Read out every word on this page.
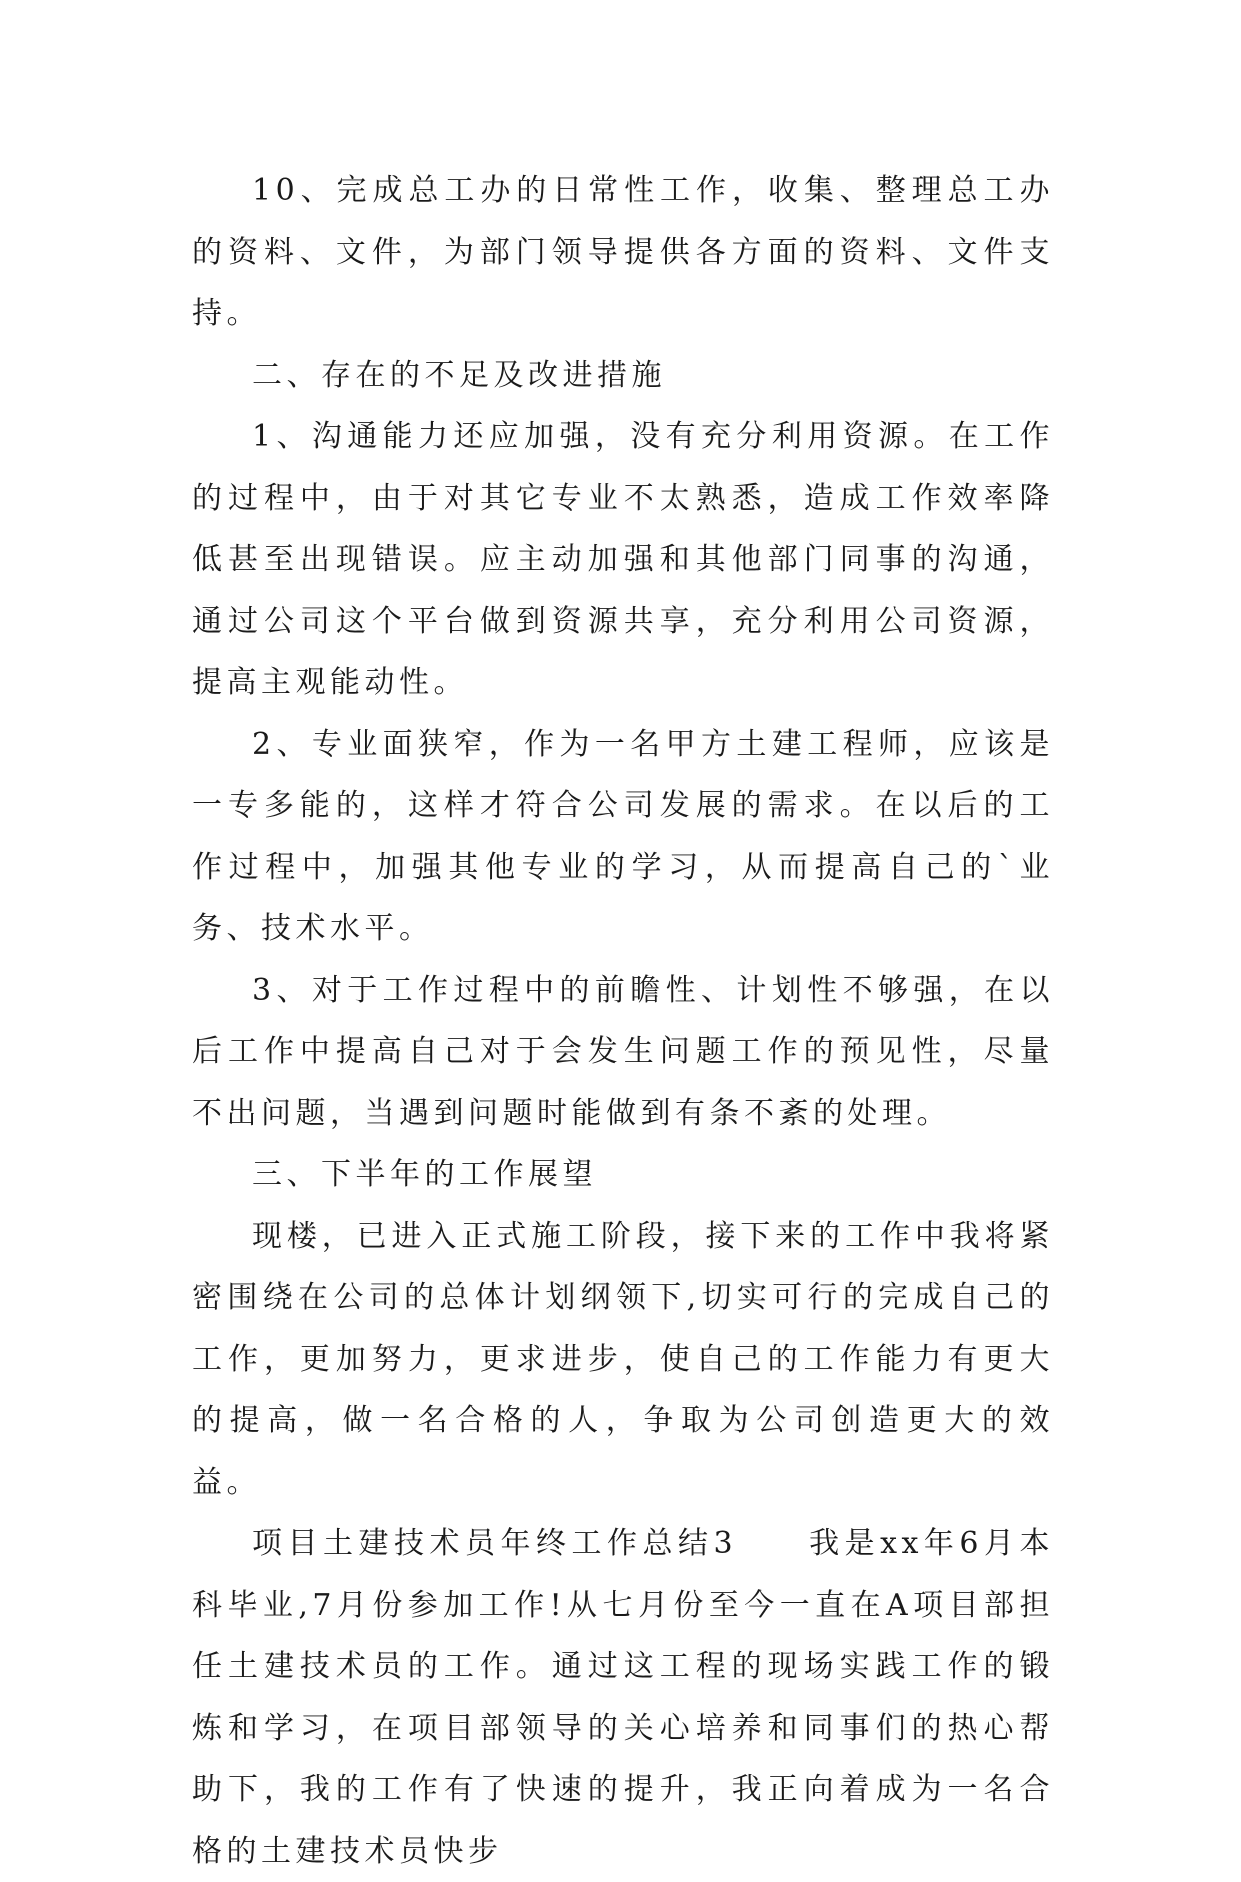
10、完成总工办的日常性工作，收集、整理总工办的资料、文件，为部门领导提供各方面的资料、文件支持。

二、存在的不足及改进措施

1、沟通能力还应加强，没有充分利用资源。在工作的过程中，由于对其它专业不太熟悉，造成工作效率降低甚至出现错误。应主动加强和其他部门同事的沟通，通过公司这个平台做到资源共享，充分利用公司资源，提高主观能动性。

2、专业面狭窄，作为一名甲方土建工程师，应该是一专多能的，这样才符合公司发展的需求。在以后的工作过程中，加强其他专业的学习，从而提高自己的`业务、技术水平。

3、对于工作过程中的前瞻性、计划性不够强，在以后工作中提高自己对于会发生问题工作的预见性，尽量不出问题，当遇到问题时能做到有条不紊的处理。

三、下半年的工作展望

现楼，已进入正式施工阶段，接下来的工作中我将紧密围绕在公司的总体计划纲领下,切实可行的完成自己的工作，更加努力，更求进步，使自己的工作能力有更大的提高，做一名合格的人，争取为公司创造更大的效益。

项目土建技术员年终工作总结3　　我是xx年6月本科毕业,7月份参加工作!从七月份至今一直在A项目部担任土建技术员的工作。通过这工程的现场实践工作的锻炼和学习，在项目部领导的关心培养和同事们的热心帮助下，我的工作有了快速的提升，我正向着成为一名合格的土建技术员快步
